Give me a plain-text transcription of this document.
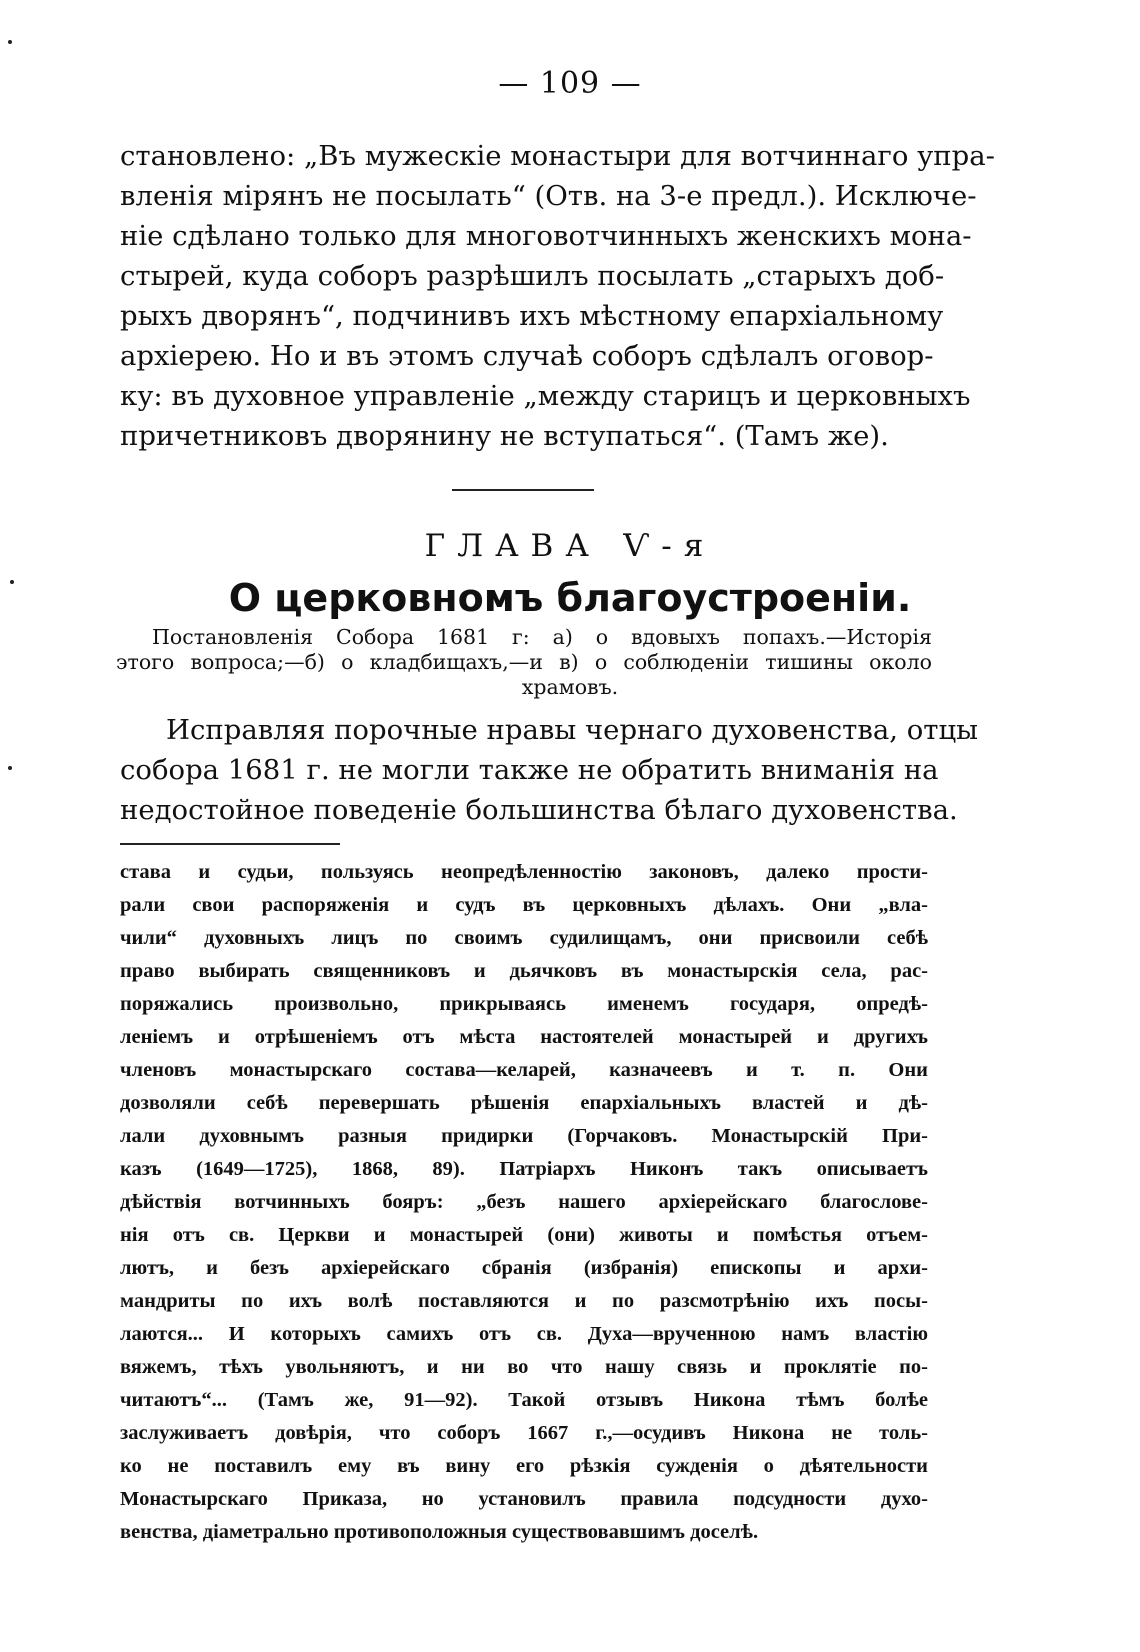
— 109 —
становлено: „Въ мужескіе монастыри для вотчиннаго упра-
вленія мірянъ не посылать“ (Отв. на 3-е предл.). Исключе-
ніе сдѣлано только для многовотчинныхъ женскихъ мона-
стырей, куда соборъ разрѣшилъ посылать „старыхъ доб-
рыхъ дворянъ“, подчинивъ ихъ мѣстному епархіальному
архіерею. Но и въ этомъ случаѣ соборъ сдѣлалъ оговор-
ку: въ духовное управленіе „между старицъ и церковныхъ
причетниковъ дворянину не вступаться“. (Тамъ же).
ГЛАВА Ѵ-я
О церковномъ благоустроеніи.
Постановленія Собора 1681 г: а) о вдовыхъ попахъ.—Исторія
этого вопроса;—б) о кладбищахъ,—и в) о соблюденіи тишины около
храмовъ.
Исправляя порочные нравы чернаго духовенства, отцы
собора 1681 г. не могли также не обратить вниманія на
недостойное поведеніе большинства бѣлаго духовенства.
става и судьи, пользуясь неопредѣленностію законовъ, далеко прости-
рали свои распоряженія и судъ въ церковныхъ дѣлахъ. Они „вла-
чили“ духовныхъ лицъ по своимъ судилищамъ, они присвоили себѣ
право выбирать священниковъ и дьячковъ въ монастырскія села, рас-
поряжались произвольно, прикрываясь именемъ государя, опредѣ-
леніемъ и отрѣшеніемъ отъ мѣста настоятелей монастырей и другихъ
членовъ монастырскаго состава—келарей, казначеевъ и т. п. Они
дозволяли себѣ перевершать рѣшенія епархіальныхъ властей и дѣ-
лали духовнымъ разныя придирки (Горчаковъ. Монастырскій При-
казъ (1649—1725), 1868, 89). Патріархъ Никонъ такъ описываетъ
дѣйствія вотчинныхъ бояръ: „безъ нашего архіерейскаго благослове-
нія отъ св. Церкви и монастырей (они) животы и помѣстья отъем-
лютъ, и безъ архіерейскаго сбранія (избранія) епископы и архи-
мандриты по ихъ волѣ поставляются и по разсмотрѣнію ихъ посы-
лаются... И которыхъ самихъ отъ св. Духа—врученною намъ властію
вяжемъ, тѣхъ увольняютъ, и ни во что нашу связь и проклятіе по-
читаютъ“... (Тамъ же, 91—92). Такой отзывъ Никона тѣмъ болѣе
заслуживаетъ довѣрія, что соборъ 1667 г.,—осудивъ Никона не толь-
ко не поставилъ ему въ вину его рѣзкія сужденія о дѣятельности
Монастырскаго Приказа, но установилъ правила подсудности духо-
венства, діаметрально противоположныя существовавшимъ доселѣ.
